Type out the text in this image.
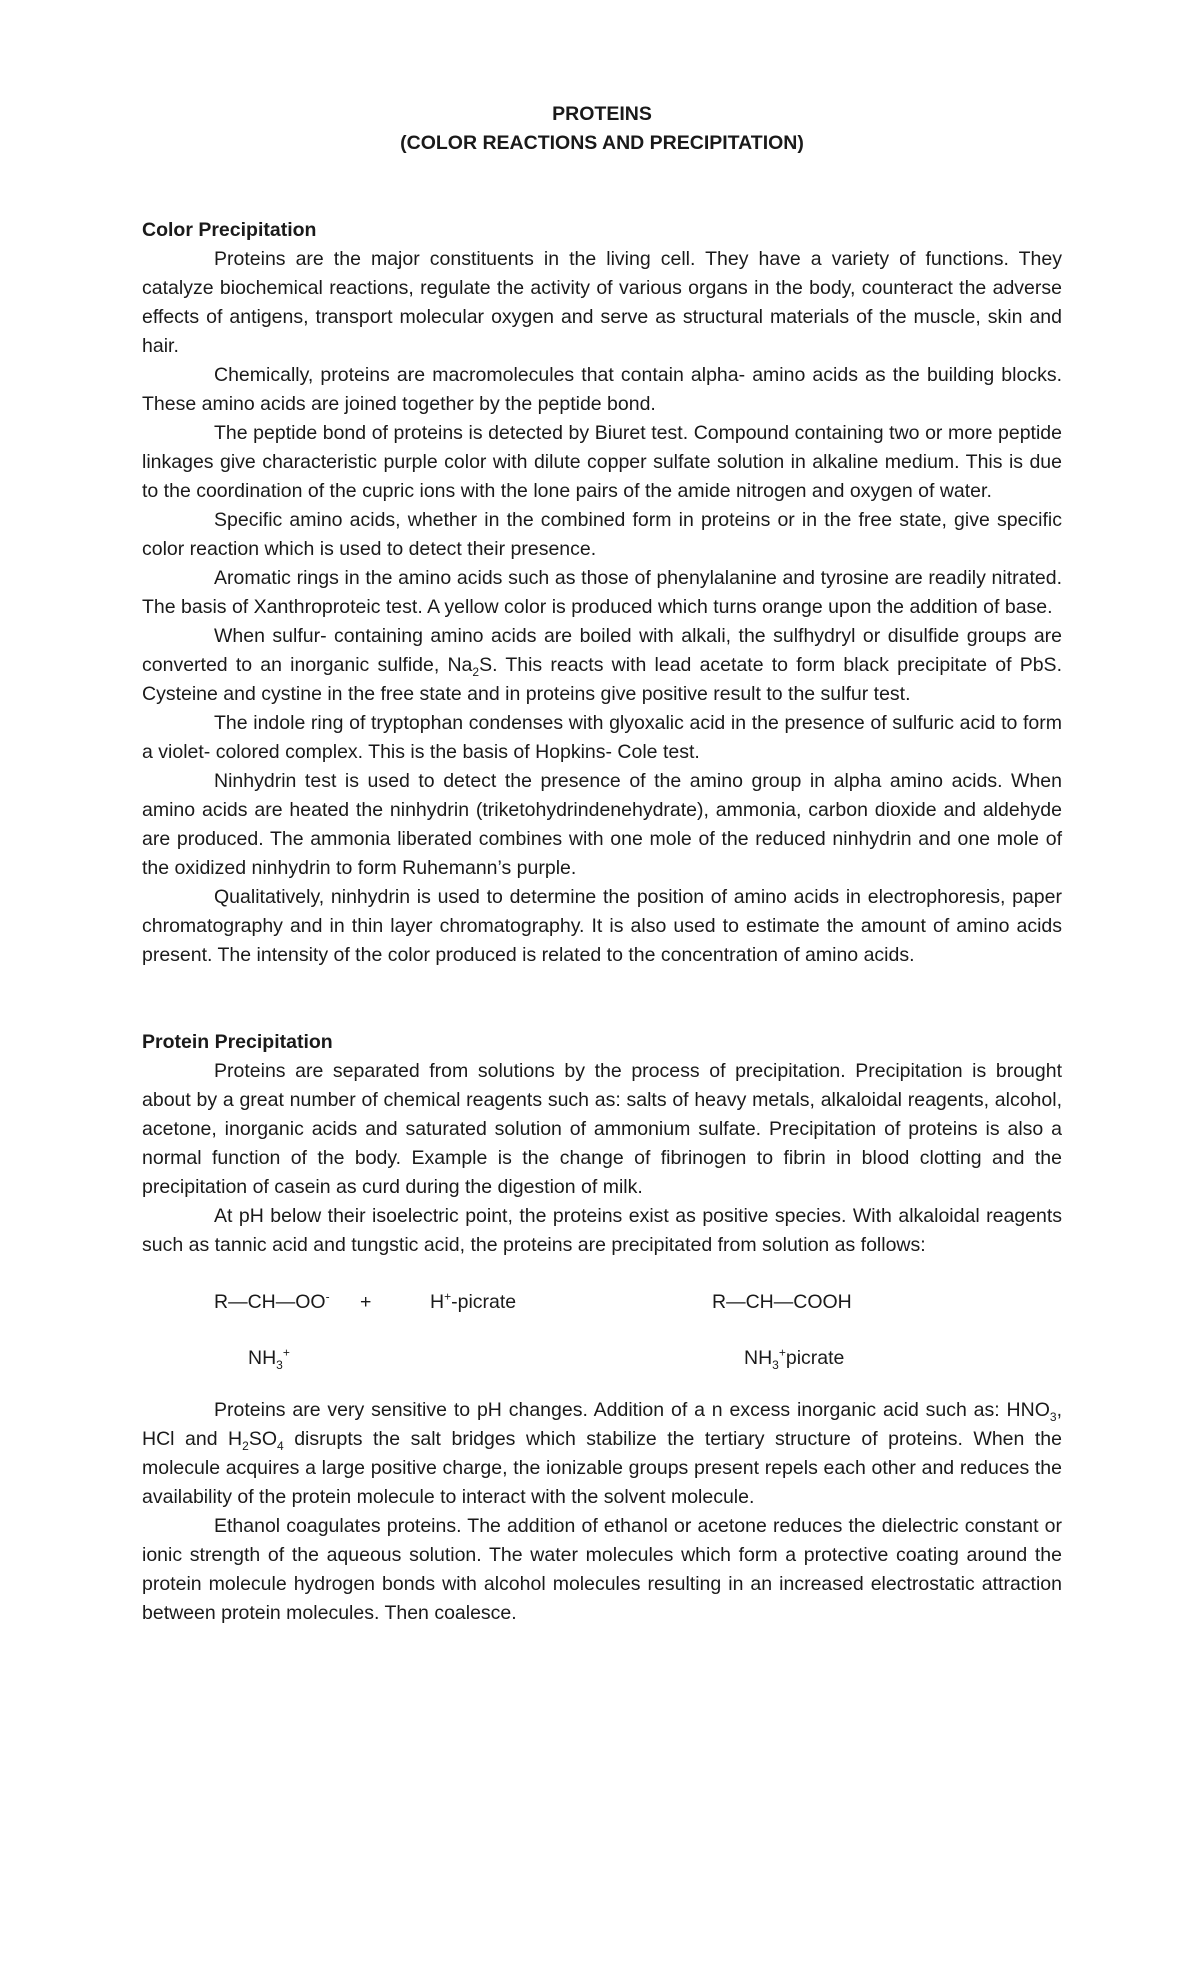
PROTEINS
(COLOR REACTIONS AND PRECIPITATION)
Color Precipitation

Proteins are the major constituents in the living cell. They have a variety of functions. They catalyze biochemical reactions, regulate the activity of various organs in the body, counteract the adverse effects of antigens, transport molecular oxygen and serve as structural materials of the muscle, skin and hair.

Chemically, proteins are macromolecules that contain alpha- amino acids as the building blocks. These amino acids are joined together by the peptide bond.

The peptide bond of proteins is detected by Biuret test. Compound containing two or more peptide linkages give characteristic purple color with dilute copper sulfate solution in alkaline medium. This is due to the coordination of the cupric ions with the lone pairs of the amide nitrogen and oxygen of water.

Specific amino acids, whether in the combined form in proteins or in the free state, give specific color reaction which is used to detect their presence.

Aromatic rings in the amino acids such as those of phenylalanine and tyrosine are readily nitrated. The basis of Xanthroproteic test. A yellow color is produced which turns orange upon the addition of base.

When sulfur- containing amino acids are boiled with alkali, the sulfhydryl or disulfide groups are converted to an inorganic sulfide, $Na_2S$. This reacts with lead acetate to form black precipitate of PbS. Cysteine and cystine in the free state and in proteins give positive result to the sulfur test.

The indole ring of tryptophan condenses with glyoxalic acid in the presence of sulfuric acid to form a violet- colored complex. This is the basis of Hopkins- Cole test.

Ninhydrin test is used to detect the presence of the amino group in alpha amino acids. When amino acids are heated the ninhydrin (triketohydrindenehydrate), ammonia, carbon dioxide and aldehyde are produced. The ammonia liberated combines with one mole of the reduced ninhydrin and one mole of the oxidized ninhydrin to form Ruhemann’s purple.

Qualitatively, ninhydrin is used to determine the position of amino acids in electrophoresis, paper chromatography and in thin layer chromatography. It is also used to estimate the amount of amino acids present. The intensity of the color produced is related to the concentration of amino acids.

Protein Precipitation

Proteins are separated from solutions by the process of precipitation. Precipitation is brought about by a great number of chemical reagents such as: salts of heavy metals, alkaloidal reagents, alcohol, acetone, inorganic acids and saturated solution of ammonium sulfate. Precipitation of proteins is also a normal function of the body. Example is the change of fibrinogen to fibrin in blood clotting and the precipitation of casein as curd during the digestion of milk.

At pH below their isoelectric point, the proteins exist as positive species. With alkaloidal reagents such as tannic acid and tungstic acid, the proteins are precipitated from solution as follows:

R—CH—OO- +	H+-picrate	R—CH—COOH
$NH_3^+$	$NH_3^+picrate$

Proteins are very sensitive to pH changes. Addition of a n excess inorganic acid such as: $HNO_3$, HCl and $H_2SO_4$ disrupts the salt bridges which stabilize the tertiary structure of proteins. When the molecule acquires a large positive charge, the ionizable groups present repels each other and reduces the availability of the protein molecule to interact with the solvent molecule.

Ethanol coagulates proteins. The addition of ethanol or acetone reduces the dielectric constant or ionic strength of the aqueous solution. The water molecules which form a protective coating around the protein molecule hydrogen bonds with alcohol molecules resulting in an increased electrostatic attraction between protein molecules. Then coalesce.
